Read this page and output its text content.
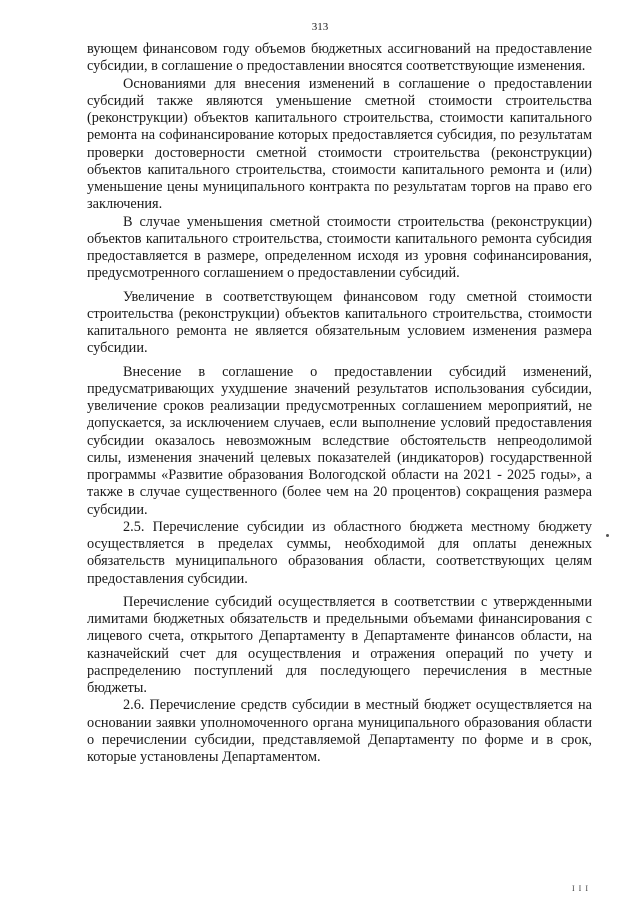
313

вующем финансовом году объемов бюджетных ассигнований на предоставление субсидии, в соглашение о предоставлении вносятся соответствующие изменения.

Основаниями для внесения изменений в соглашение о предоставлении субсидий также являются уменьшение сметной стоимости строительства (реконструкции) объектов капитального строительства, стоимости капитального ремонта на софинансирование которых предоставляется субсидия, по результатам проверки достоверности сметной стоимости строительства (реконструкции) объектов капитального строительства, стоимости капитального ремонта и (или) уменьшение цены муниципального контракта по результатам торгов на право его заключения.

В случае уменьшения сметной стоимости строительства (реконструкции) объектов капитального строительства, стоимости капитального ремонта субсидия предоставляется в размере, определенном исходя из уровня софинансирования, предусмотренного соглашением о предоставлении субсидий.

Увеличение в соответствующем финансовом году сметной стоимости строительства (реконструкции) объектов капитального строительства, стоимости капитального ремонта не является обязательным условием изменения размера субсидии.

Внесение в соглашение о предоставлении субсидий изменений, предусматривающих ухудшение значений результатов использования субсидии, увеличение сроков реализации предусмотренных соглашением мероприятий, не допускается, за исключением случаев, если выполнение условий предоставления субсидии оказалось невозможным вследствие обстоятельств непреодолимой силы, изменения значений целевых показателей (индикаторов) государственной программы «Развитие образования Вологодской области на 2021 - 2025 годы», а также в случае существенного (более чем на 20 процентов) сокращения размера субсидии.

2.5. Перечисление субсидии из областного бюджета местному бюджету осуществляется в пределах суммы, необходимой для оплаты денежных обязательств муниципального образования области, соответствующих целям предоставления субсидии.

Перечисление субсидий осуществляется в соответствии с утвержденными лимитами бюджетных обязательств и предельными объемами финансирования с лицевого счета, открытого Департаменту в Департаменте финансов области, на казначейский счет для осуществления и отражения операций по учету и распределению поступлений для последующего перечисления в местные бюджеты.

2.6. Перечисление средств субсидии в местный бюджет осуществляется на основании заявки уполномоченного органа муниципального образования области о перечислении субсидии, представляемой Департаменту по форме и в срок, которые установлены Департаментом.

I I I
